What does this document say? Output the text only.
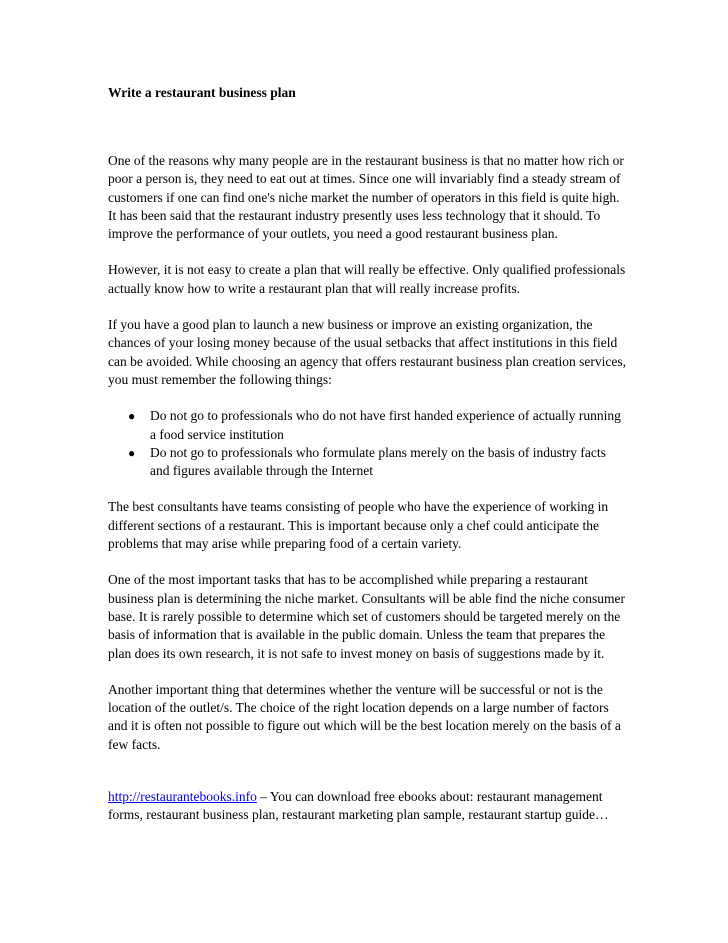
Write a restaurant business plan

One of the reasons why many people are in the restaurant business is that no matter how rich or poor a person is, they need to eat out at times. Since one will invariably find a steady stream of customers if one can find one's niche market the number of operators in this field is quite high. It has been said that the restaurant industry presently uses less technology that it should. To improve the performance of your outlets, you need a good restaurant business plan.

However, it is not easy to create a plan that will really be effective. Only qualified professionals actually know how to write a restaurant plan that will really increase profits.

If you have a good plan to launch a new business or improve an existing organization, the chances of your losing money because of the usual setbacks that affect institutions in this field can be avoided. While choosing an agency that offers restaurant business plan creation services, you must remember the following things:

● Do not go to professionals who do not have first handed experience of actually running a food service institution
● Do not go to professionals who formulate plans merely on the basis of industry facts and figures available through the Internet

The best consultants have teams consisting of people who have the experience of working in different sections of a restaurant. This is important because only a chef could anticipate the problems that may arise while preparing food of a certain variety.

One of the most important tasks that has to be accomplished while preparing a restaurant business plan is determining the niche market. Consultants will be able find the niche consumer base. It is rarely possible to determine which set of customers should be targeted merely on the basis of information that is available in the public domain. Unless the team that prepares the plan does its own research, it is not safe to invest money on basis of suggestions made by it.

Another important thing that determines whether the venture will be successful or not is the location of the outlet/s. The choice of the right location depends on a large number of factors and it is often not possible to figure out which will be the best location merely on the basis of a few facts.

http://restaurantebooks.info – You can download free ebooks about: restaurant management forms, restaurant business plan, restaurant marketing plan sample, restaurant startup guide…
